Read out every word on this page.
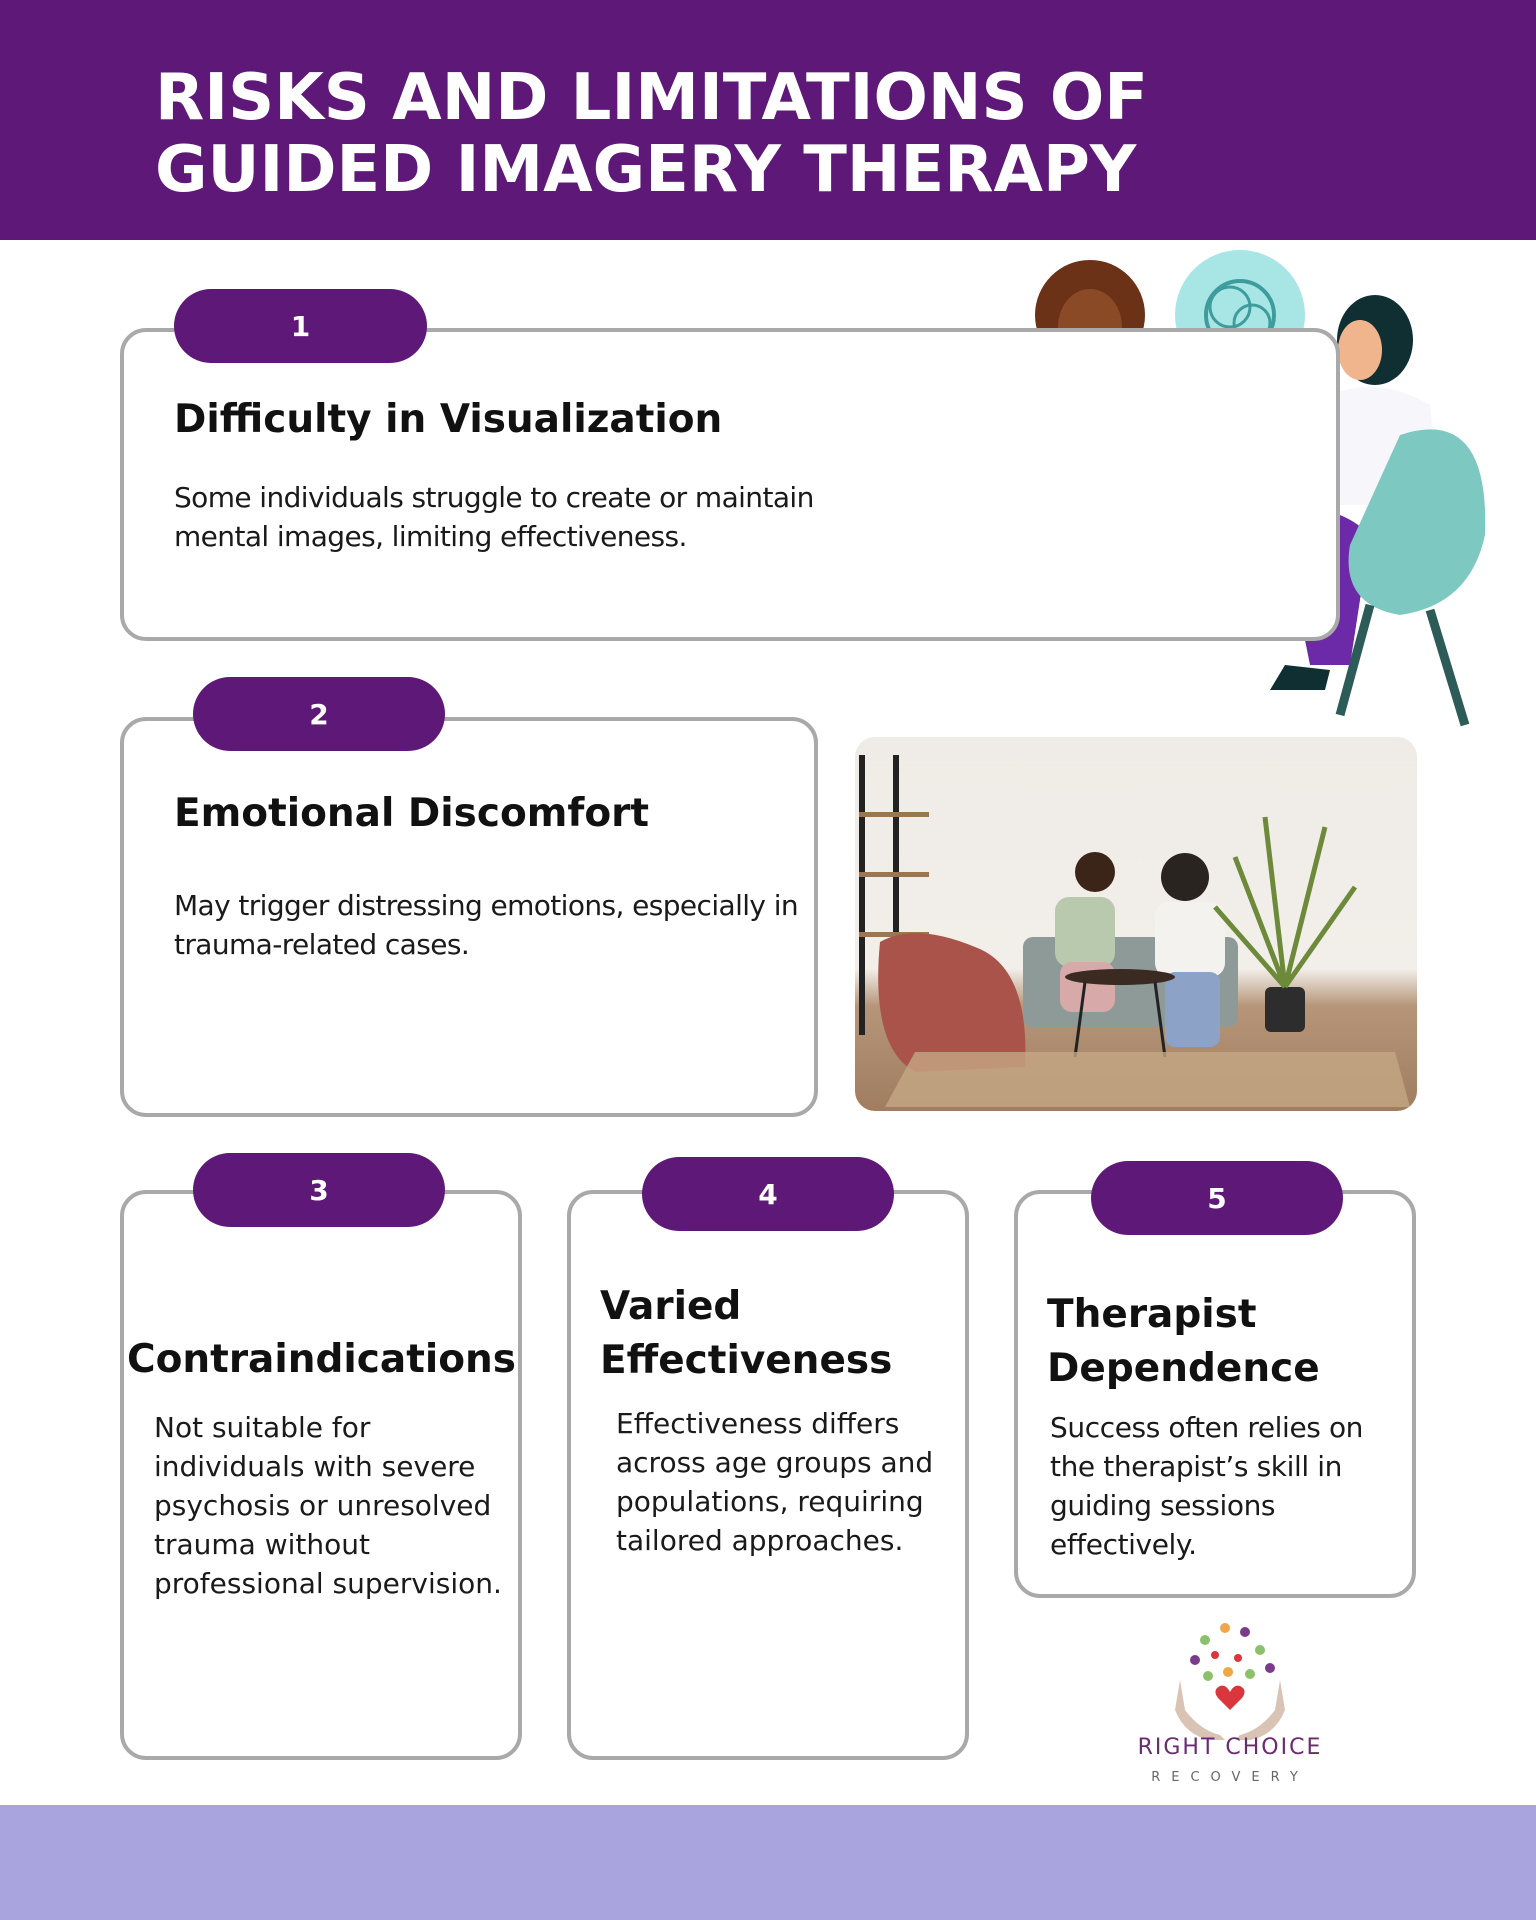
RISKS AND LIMITATIONS OF
GUIDED IMAGERY THERAPY
1
Difficulty in Visualization
Some individuals struggle to create or maintain mental images, limiting effectiveness.
2
Emotional Discomfort
May trigger distressing emotions, especially in trauma-related cases.
3
Contraindications
Not suitable for individuals with severe psychosis or unresolved trauma without professional supervision.
4
Varied Effectiveness
Effectiveness differs across age groups and populations, requiring tailored approaches.
5
Therapist Dependence
Success often relies on the therapist’s skill in guiding sessions effectively.
RIGHT CHOICE
RECOVERY
